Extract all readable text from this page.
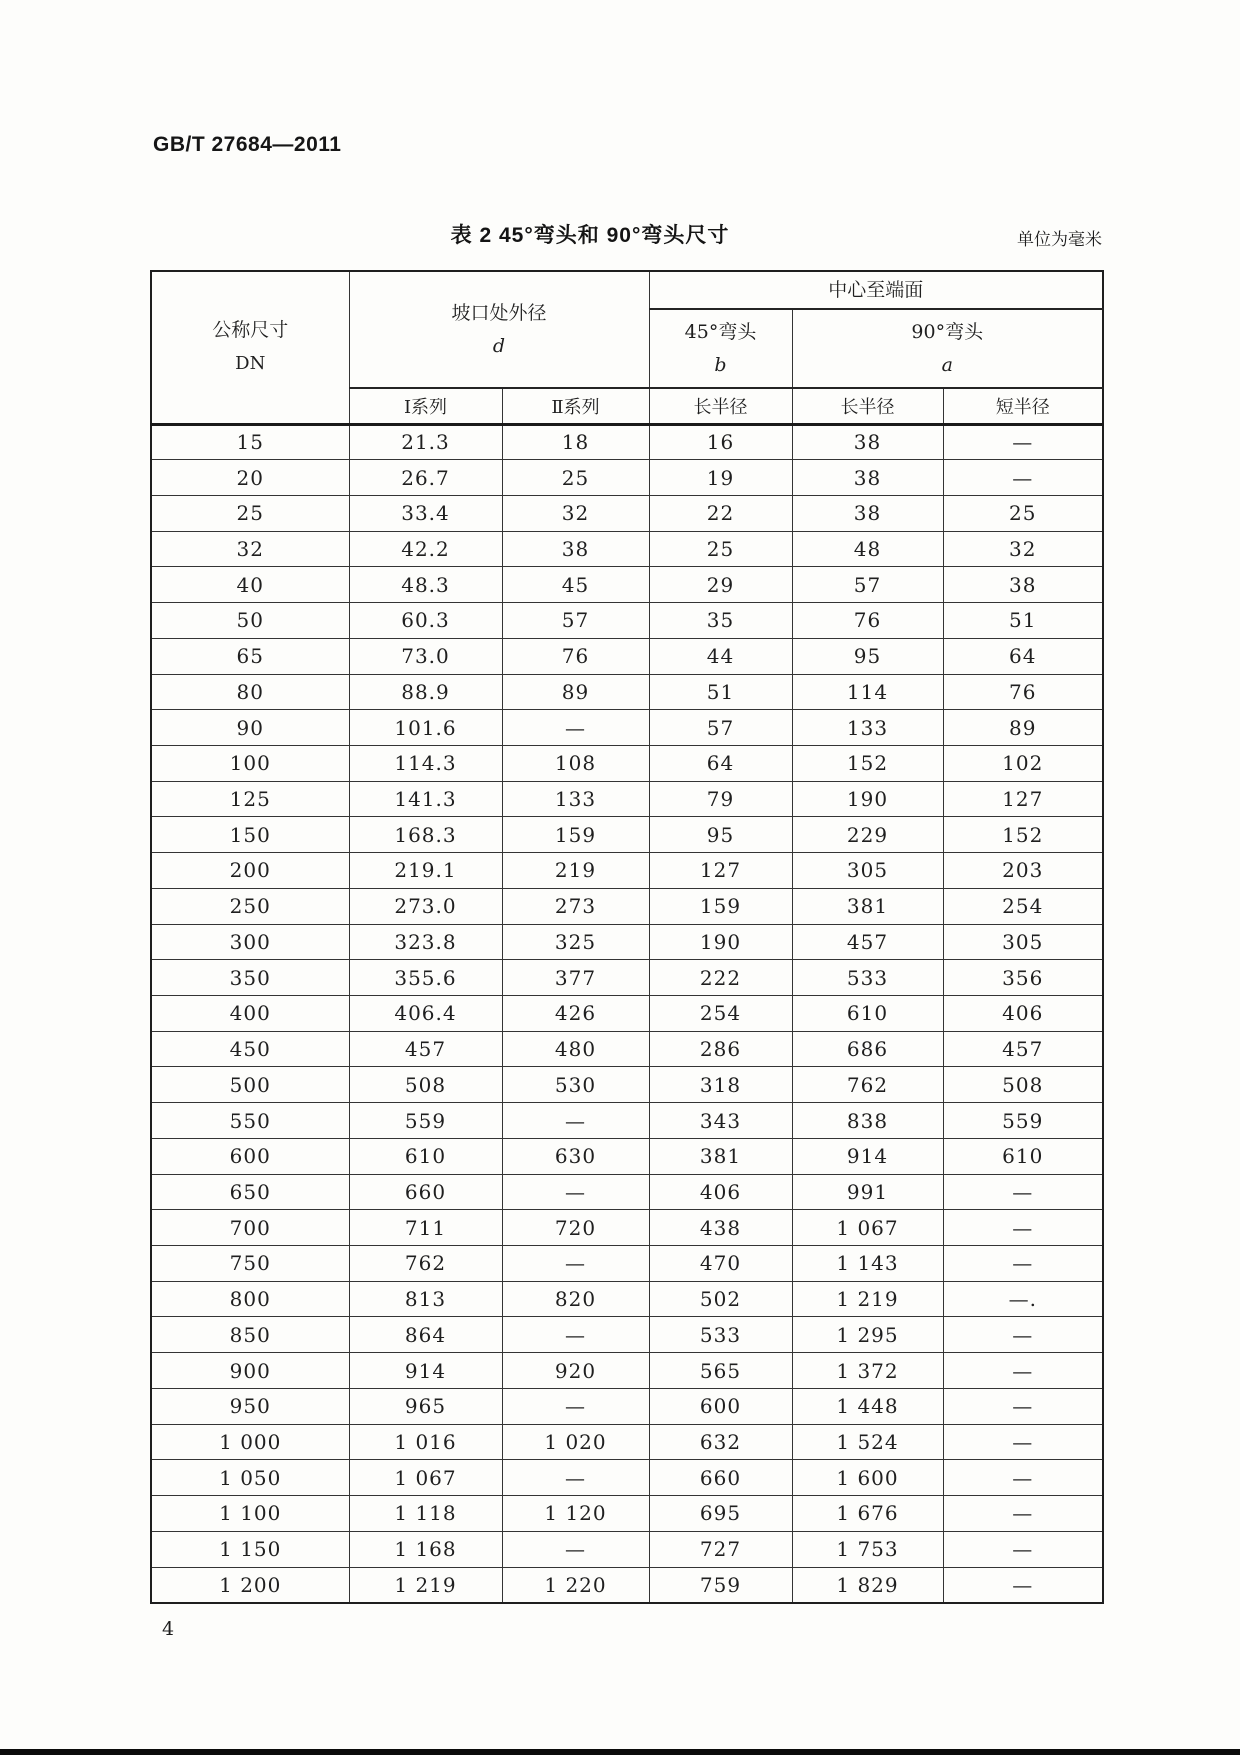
GB/T 27684—2011
表 2 45°弯头和 90°弯头尺寸	单位为毫米
公称尺寸
DN

坡口处外径
d
	中心至端面

45°弯头
b

90°弯头
a

	Ⅰ系列	Ⅱ系列	长半径	长半径	短半径
15	21.3	18	16	38	—
20	26.7	25	19	38	—
25	33.4	32	22	38	25
32	42.2	38	25	48	32
40	48.3	45	29	57	38
50	60.3	57	35	76	51
65	73.0	76	44	95	64
80	88.9	89	51	114	76
90	101.6	—	57	133	89
100	114.3	108	64	152	102
125	141.3	133	79	190	127
150	168.3	159	95	229	152
200	219.1	219	127	305	203
250	273.0	273	159	381	254
300	323.8	325	190	457	305
350	355.6	377	222	533	356
400	406.4	426	254	610	406
450	457	480	286	686	457
500	508	530	318	762	508
550	559	—	343	838	559
600	610	630	381	914	610
650	660	—	406	991	—
700	711	720	438	1 067	—
750	762	—	470	1 143	—
800	813	820	502	1 219	—.
850	864	—	533	1 295	—
900	914	920	565	1 372	—
950	965	—	600	1 448	—
1 000	1 016	1 020	632	1 524	—
1 050	1 067	—	660	1 600	—
1 100	1 118	1 120	695	1 676	—
1 150	1 168	—	727	1 753	—
1 200	1 219	1 220	759	1 829	—
4
